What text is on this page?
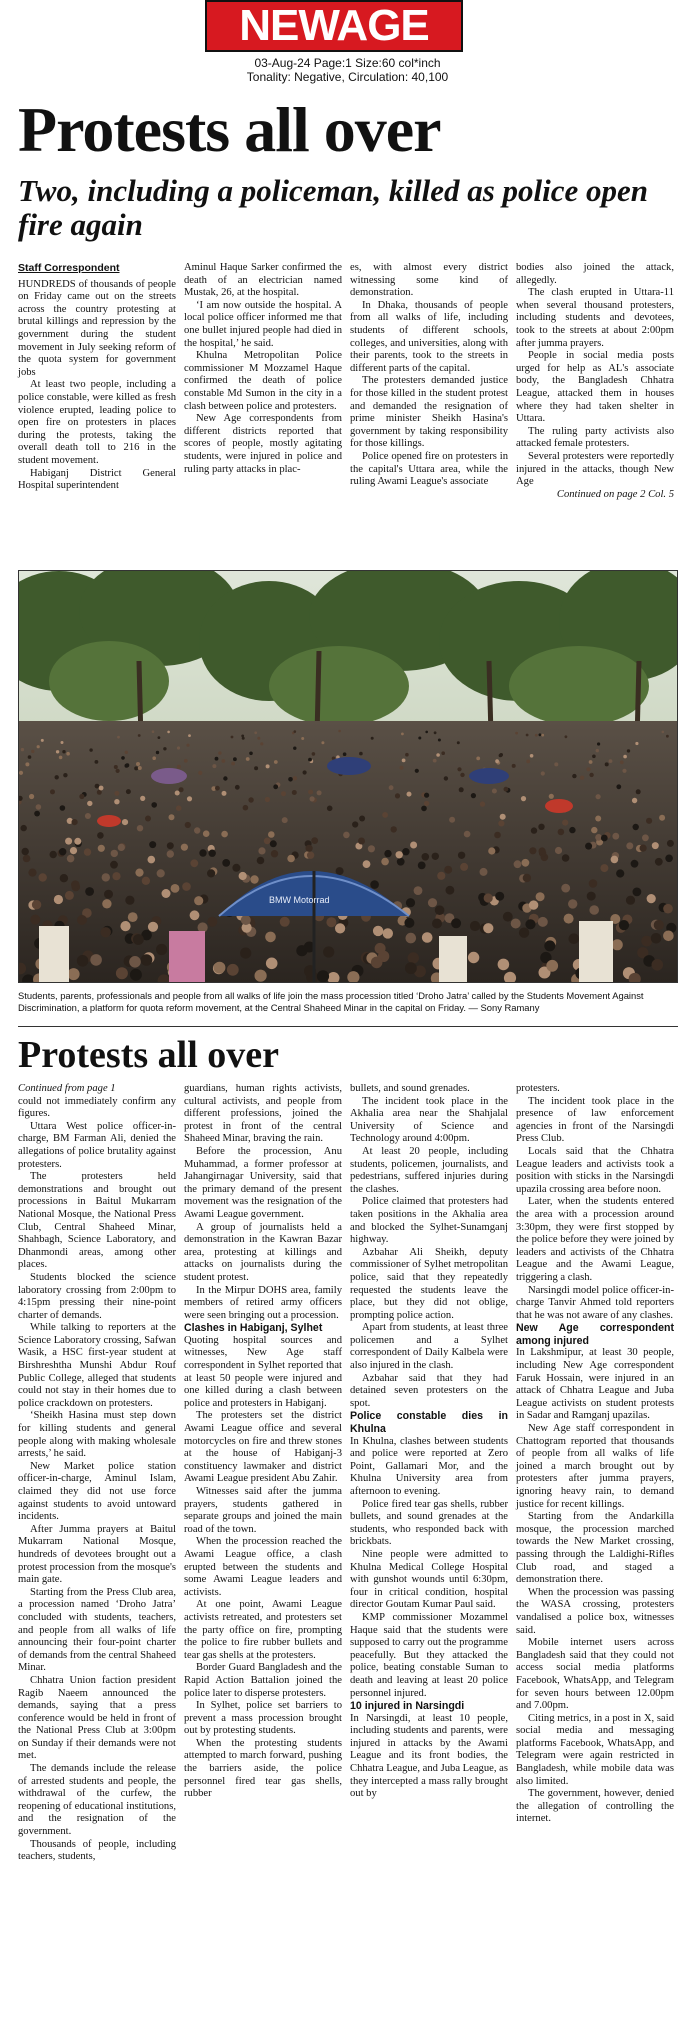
NEWAGE
03-Aug-24 Page:1 Size:60 col*inch
Tonality: Negative, Circulation: 40,100
Protests all over
Two, including a policeman, killed as police open fire again
Staff Correspondent

HUNDREDS of thousands of people on Friday came out on the streets across the country protesting at brutal killings and repression by the government during the student movement in July seeking reform of the quota system for government jobs

At least two people, including a police constable, were killed as fresh violence erupted, leading police to open fire on protesters in places during the protests, taking the overall death toll to 216 in the student movement.

Habiganj District General Hospital superintendent

Aminul Haque Sarker confirmed the death of an electrician named Mustak, 26, at the hospital.

‘I am now outside the hospital. A local police officer informed me that one bullet injured people had died in the hospital,’ he said.

Khulna Metropolitan Police commissioner M Mozzamel Haque confirmed the death of police constable Md Sumon in the city in a clash between police and protesters.

New Age correspondents from different districts reported that scores of people, mostly agitating students, were injured in police and ruling party attacks in plac-

es, with almost every district witnessing some kind of demonstration.

In Dhaka, thousands of people from all walks of life, including students of different schools, colleges, and universities, along with their parents, took to the streets in different parts of the capital.

The protesters demanded justice for those killed in the student protest and demanded the resignation of prime minister Sheikh Hasina's government by taking responsibility for those killings.

Police opened fire on protesters in the capital's Uttara area, while the ruling Awami League's associate

bodies also joined the attack, allegedly.

The clash erupted in Uttara-11 when several thousand protesters, including students and devotees, took to the streets at about 2:00pm after jumma prayers.

People in social media posts urged for help as AL's associate body, the Bangladesh Chhatra League, attacked them in houses where they had taken shelter in Uttara.

The ruling party activists also attacked female protesters.

Several protesters were reportedly injured in the attacks, though New Age

Continued on page 2 Col. 5

BMW Motorrad

Students, parents, professionals and people from all walks of life join the mass procession titled ‘Droho Jatra’ called by the Students Movement Against Discrimination, a platform for quota reform movement, at the Central Shaheed Minar in the capital on Friday. — Sony Ramany

Protests all over

Continued from page 1

could not immediately confirm any figures.

Uttara West police officer-in-charge, BM Farman Ali, denied the allegations of police brutality against protesters.

The protesters held demonstrations and brought out processions in Baitul Mukarram National Mosque, the National Press Club, Central Shaheed Minar, Shahbagh, Science Laboratory, and Dhanmondi areas, among other places.

Students blocked the science laboratory crossing from 2:00pm to 4:15pm pressing their nine-point charter of demands.

While talking to reporters at the Science Laboratory crossing, Safwan Wasik, a HSC first-year student at Birshreshtha Munshi Abdur Rouf Public College, alleged that students could not stay in their homes due to police crackdown on protesters.

‘Sheikh Hasina must step down for killing students and general people along with making wholesale arrests,’ he said.

New Market police station officer-in-charge, Aminul Islam, claimed they did not use force against students to avoid untoward incidents.

After Jumma prayers at Baitul Mukarram National Mosque, hundreds of devotees brought out a protest procession from the mosque's main gate.

Starting from the Press Club area, a procession named ‘Droho Jatra’ concluded with students, teachers, and people from all walks of life announcing their four-point charter of demands from the central Shaheed Minar.

Chhatra Union faction president Ragib Naeem announced the demands, saying that a press conference would be held in front of the National Press Club at 3:00pm on Sunday if their demands were not met.

The demands include the release of arrested students and people, the withdrawal of the curfew, the reopening of educational institutions, and the resignation of the government.

Thousands of people, including teachers, students,

guardians, human rights activists, cultural activists, and people from different professions, joined the protest in front of the central Shaheed Minar, braving the rain.

Before the procession, Anu Muhammad, a former professor at Jahangirnagar University, said that the primary demand of the present movement was the resignation of the Awami League government.

A group of journalists held a demonstration in the Kawran Bazar area, protesting at killings and attacks on journalists during the student protest.

In the Mirpur DOHS area, family members of retired army officers were seen bringing out a procession.

Clashes in Habiganj, Sylhet

Quoting hospital sources and witnesses, New Age staff correspondent in Sylhet reported that at least 50 people were injured and one killed during a clash between police and protesters in Habiganj.

The protesters set the district Awami League office and several motorcycles on fire and threw stones at the house of Habiganj-3 constituency lawmaker and district Awami League president Abu Zahir.

Witnesses said after the jumma prayers, students gathered in separate groups and joined the main road of the town.

When the procession reached the Awami League office, a clash erupted between the students and some Awami League leaders and activists.

At one point, Awami League activists retreated, and protesters set the party office on fire, prompting the police to fire rubber bullets and tear gas shells at the protesters.

Border Guard Bangladesh and the Rapid Action Battalion joined the police later to disperse protesters.

In Sylhet, police set barriers to prevent a mass procession brought out by protesting students.

When the protesting students attempted to march forward, pushing the barriers aside, the police personnel fired tear gas shells, rubber

bullets, and sound grenades.

The incident took place in the Akhalia area near the Shahjalal University of Science and Technology around 4:00pm.

At least 20 people, including students, policemen, journalists, and pedestrians, suffered injuries during the clashes.

Police claimed that protesters had taken positions in the Akhalia area and blocked the Sylhet-Sunamganj highway.

Azbahar Ali Sheikh, deputy commissioner of Sylhet metropolitan police, said that they repeatedly requested the students leave the place, but they did not oblige, prompting police action.

Apart from students, at least three policemen and a Sylhet correspondent of Daily Kalbela were also injured in the clash.

Azbahar said that they had detained seven protesters on the spot.

Police constable dies in Khulna

In Khulna, clashes between students and police were reported at Zero Point, Gallamari Mor, and the Khulna University area from afternoon to evening.

Police fired tear gas shells, rubber bullets, and sound grenades at the students, who responded back with brickbats.

Nine people were admitted to Khulna Medical College Hospital with gunshot wounds until 6:30pm, four in critical condition, hospital director Goutam Kumar Paul said.

KMP commissioner Mozammel Haque said that the students were supposed to carry out the programme peacefully. But they attacked the police, beating constable Suman to death and leaving at least 20 police personnel injured.

10 injured in Narsingdi

In Narsingdi, at least 10 people, including students and parents, were injured in attacks by the Awami League and its front bodies, the Chhatra League, and Juba League, as they intercepted a mass rally brought out by

protesters.

The incident took place in the presence of law enforcement agencies in front of the Narsingdi Press Club.

Locals said that the Chhatra League leaders and activists took a position with sticks in the Narsingdi upazila crossing area before noon.

Later, when the students entered the area with a procession around 3:30pm, they were first stopped by the police before they were joined by leaders and activists of the Chhatra League and the Awami League, triggering a clash.

Narsingdi model police officer-in-charge Tanvir Ahmed told reporters that he was not aware of any clashes.

New Age correspondent among injured

In Lakshmipur, at least 30 people, including New Age correspondent Faruk Hossain, were injured in an attack of Chhatra League and Juba League activists on student protests in Sadar and Ramganj upazilas.

New Age staff correspondent in Chattogram reported that thousands of people from all walks of life joined a march brought out by protesters after jumma prayers, ignoring heavy rain, to demand justice for recent killings.

Starting from the Andarkilla mosque, the procession marched towards the New Market crossing, passing through the Laldighi-Rifles Club road, and staged a demonstration there.

When the procession was passing the WASA crossing, protesters vandalised a police box, witnesses said.

Mobile internet users across Bangladesh said that they could not access social media platforms Facebook, WhatsApp, and Telegram for seven hours between 12.00pm and 7.00pm.

Citing metrics, in a post in X, said social media and messaging platforms Facebook, WhatsApp, and Telegram were again restricted in Bangladesh, while mobile data was also limited.

The government, however, denied the allegation of controlling the internet.
